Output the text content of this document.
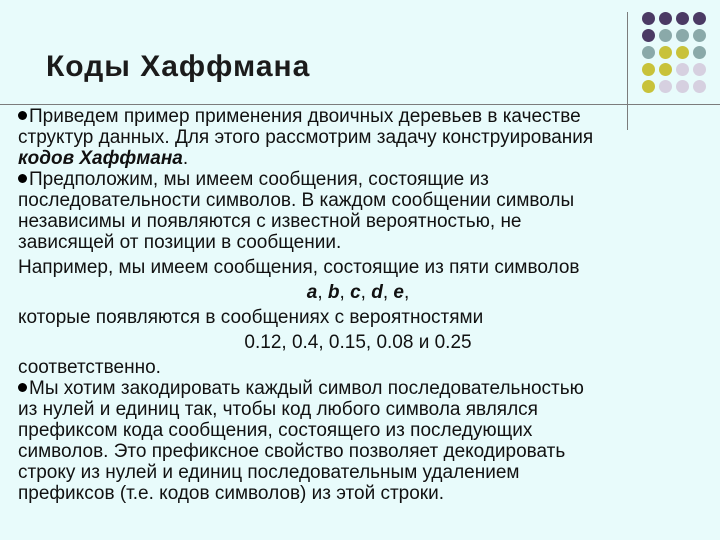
Коды Хаффмана
Приведем пример применения двоичных деревьев в качестве
структур данных. Для этого рассмотрим задачу конструирования
кодов Хаффмана.
Предположим, мы имеем сообщения, состоящие из
последовательности символов. В каждом сообщении символы
независимы и появляются с известной вероятностью, не
зависящей от позиции в сообщении.
Например, мы имеем сообщения, состоящие из пяти символов
a, b, c, d, e,
которые появляются в сообщениях с вероятностями
0.12, 0.4, 0.15, 0.08 и 0.25
соответственно.
Мы хотим закодировать каждый символ последовательностью
из нулей и единиц так, чтобы код любого символа являлся
префиксом кода сообщения, состоящего из последующих
символов. Это префиксное свойство позволяет декодировать
строку из нулей и единиц последовательным удалением
префиксов (т.е. кодов символов) из этой строки.
